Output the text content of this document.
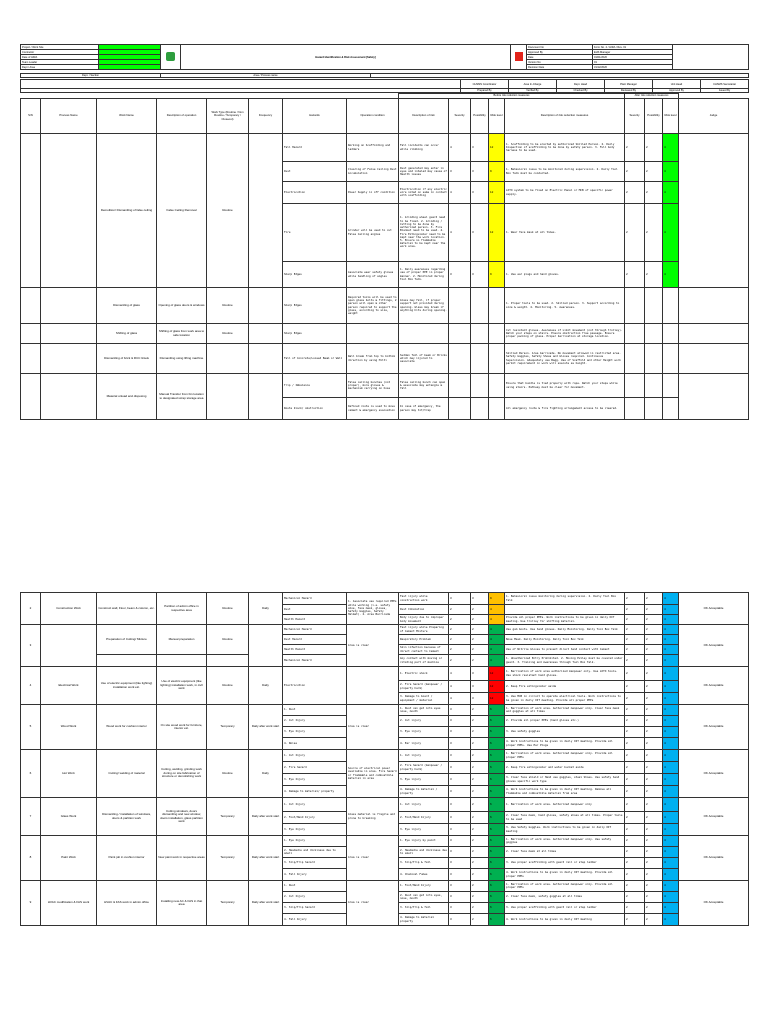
Project / Work Site			Hazard Identification & Risk Assessment [Safety]		Document No	Form No. 4 / HIRA / Rev. 01	
Contractor					Approved By	EHS Manager	
Date of HIRA					Date	01/01/2020	
Team Leader					Version No	01	
Dept / Area					Revision Date	31/12/2020	
Dept. / Section	Area / Process name	
	CHSMS Coordinator	Area In-Charge	Dept. Head	Plant Manager	Unit Head	CHSMS Secretariat
	Prepared By	Verified By	Checked By	Reviewed By	Approved By	Issued By
								Before risk reduction measures					After risk reduction measures			
S/N	Process Name	Work Name	Description of operation	Work Type (Routine / Non Routine / Temporary / Closeout)	Frequency	Hazards	Operation condition	Description of risk	Severity	Possibility	Risk level	Description of risk reduction measures	Severity	Possibility	Risk level	Judge
		Demolition/ Dismantling of false ceiling	False Ceiling Removal	Routine		Fall Hazard	Working on Scaffolding and ladders	Fall incidents can occur while climbing	4	3	12	1. Scaffolding to be erected by authorized Skilled Person. 2. Daily Inspection of scaffolding to be done by safety person. 3. Full body harness to be used.	2	2	4	
						Dust	Clearing of False Ceiling Dust Accumulation	Dust generated may enter in eyes and inhaled may cause of Health issues	3	3	9	1. Behavioral issue to be monitored during supervision. 2. Daily Tool Box Talk must be conducted.	2	2	4	
						Electrocution	Power Supply in off condition	Electrocution if any electric wire noted on same in contact with scaffolding	4	3	12	LOTO system to be fixed on Electric Panel or MCB of specific power supply.	2	2	4	
						Fire	Grinder will be used to cut False Ceiling angles	1. Grinding wheel guard need to be fixed. 2. Grinding / Cutting to be done by authorized person. 3. Fire Blanket need to be used. 4. Fire Extinguisher need to be kept near the work location. 5. Ensure no flammable material to be kept near the work area.	4	3	12	1. Wear face mask at all times.	2	2	4	
						Sharp Edges	Associate wear safety gloves while handling of angles	1. Daily awareness regarding use of proper PPE in proper manner. 2. Monitored during Tool Box Talk.	3	3	9	1. Use ear plugs and hand gloves.	2	2	4	
		Dismantling of glass	Opening of glass doors & windows	Routine		Sharp Edges	Required tools will be used to open glass bolts & fittings, 2 person will open & other person required to support the glass, according to size, weight	Glass may fall, if proper support not provided during opening. Glass may break if anything hits during opening.				1. Proper tools to be used. 2. Skilled person. 3. Support according to size & weight. 4. Monitoring. 5. Awareness.				
		Shifting of glass	Shifting of glass from work area to safe location	Routine		Sharp Edges						Cut resistant gloves. Awareness of Limit movement (not through trolley). Watch your steps on stairs. Ensure obstruction free passage. Ensure proper packing of glass. Proper barrication at storage location.				
		Dismantling of brick & RCC lintels	Dismantling using lifting machine			Fall of Concrete/Loosed Beam or Wall	Wall break from top to bottom direction by using Hilti	Sudden fall of beam or Bricks which may injured to associate				Skilled Person. Area barricade. No movement allowed in restricted area. Safety Goggles, Safety Shoes and Gloves required. Continuous Supervision. Adequately use Bagg. Use of Scaffold and other Height work permit requirement in work will execute as height.				
		Material unload and disposing	Manual Transfer from bin location to designated scrap storage area			Trip / Imbalance	False ceiling bunches (not proper), more gloves & mechanism carrying on hose	False ceiling bunch can open & associate may entangle & fall				Ensure that bundle is tied properly with rope. Watch your steps while using stairs. Pathway must be clear for movement.				
						Route block/ obstruction	Defined route is used to move cement & emergency evacuation	In case of emergency, the person may hit/trap				All emergency route & fire fighting arrangement access to be cleared.				
2	Construction Work	Construct wall, Floor, beam & column, etc.	Partition of admin office in respective area	Routine	Daily	Mechanical Hazard	1. Associate use required PPEs while working (i.e. safety shoe, face mask, gloves, Safety Goggles, Safety Helmet). 2. Area Barricade	Fast injury while construction work	3	3	9	1. Behavioral issue monitoring during supervision. 2. Daily Tool Box Talk	2	2	4	OK Acceptable
						Dust		Dust Inhalation	2	2	4		2	2	4	
						Health Hazard		Body injury due to improper body movement	2	2	4	Provide all proper PPEs. Work instructions to be given in daily OIT meeting. Use trolley for shifting material.	2	2	4	
3		Preparation of Cutting/ Mixture	Manual preparation	Routine		Mechanical Hazard	Area is clear	Fast injury while Preparing of Cement Mixture	2	2	4	Use gum boots. Use hand gloves. Daily Monitoring. Daily Tool Box Talk	2	2	4	OK Acceptable
						Dust Hazard		Respiratory Problem	2	2	4	Nose Mask. Daily Monitoring. Daily Tool Box Talk	2	2	4	
						Health Hazard		Skin infection because of direct contact to Cement	2	2	4	Use of Nitrile Gloves to prevent direct hand contact with Cement	2	2	4	
						Mechanical Hazard		Any contact with moving or rotating part of machine	2	2	4	1. Unauthorized Entry Prohibited. 2. Moving Pulley must be covered under guard. 3. Training and Awareness through Tool Box Talk.	2	2	4	
4	Electrical Work	Use of electric equipment (like lighting) installation work etc.	Use of electric equipment (like lighting) installation work, in civil work	Routine	Daily	Electrocution		1. Electric shock	4	3	12	1. Barrication of work area authorized manpower only. Use LOTO tools. Use shock resistant hand gloves.	2	2	4	OK Acceptable
								2. Fire hazard (manpower / property harm)	4	3	12	2. Keep Fire extinguisher aside	2	2	4	
								3. Damage to board / equipment / material	4	3	12	3. Use MCB in circuit to operate electrical tools. Work instructions to be given in daily OIT meeting. Provide all proper PPEs	2	2	4	
5	Wood Work	Wood work for cushion interior	On site wood work for furniture, interior etc.	Temporary	Daily after work start	1. Dust	Area is clear	1. Dust can get into eyes nose, mouth	3	2	6	1. Barrication of work area. Authorized manpower only. Clear face mask and goggles at all times	2	2	4	OK Acceptable
						2. Cut Injury		2. Cut injury	3	2	6	2. Provide all proper PPEs (hand gloves etc.)	2	2	4	
						3. Eye Injury		3. Eye injury	3	2	6	3. Use safety goggles	2	2	4	
						4. Noise		4. Ear injury	3	2	6	4. Work instructions to be given in daily OIT meeting. Provide all proper PPEs. Use Ear Plugs	2	2	4	
6	Hot Work	Cutting/ welding of material	Cutting, welding, grinding work during on site fabrication of structure or demolishing work	Routine	Daily	1. Cut Injury	Source of electrical power available in area. Fire hazard or flammable and combustible material in area	1. Cut injury	3	2	6	1. Barrication of work area. Authorized manpower only. Provide all proper PPEs	2	2	4	OK Acceptable
						2. Fire hazard		2. Fire hazard (manpower / property harm)	3	2	6	2. Keep fire extinguisher and water bucket aside	2	2	4	
						3. Eye Injury		3. Eye injury	3	2	6	3. Clear face shield or Hand use goggles, steel Shoes. Use safety hand gloves specific work type	2	2	4	
						4. Damage to material/ property		4. Damage to material / property	3	2	6	4. Work instructions to be given in daily OIT meeting. Remove all flammable and combustible material from area	2	2	4	
7	Glass Work	Dismantling / installation of windows, doors & partition work	Cutting windows, doors dismantling and new window, doors installation, glass partition work	Temporary	Daily after work start	1. Cut Injury	Glass material is fragile and prone to breaking	1. Cut injury	3	2	6	1. Barrication of work area. Authorized manpower only	2	2	4	OK Acceptable
						2. Foot/Hand Injury		2. Foot/Hand Injury	3	2	6	2. Clear face mask, hand gloves, safety shoes at all times. Proper tools to be used	2	2	4	
						3. Eye Injury		3. Eye injury	3	2	6	3. Use Safety Goggles. Work instructions to be given in daily OIT meeting	2	2	4	
8	Paint Work	Paint job in cushion interior	New paint work in respective areas	Temporary	Daily after work start	1. Eye Injury	Area is clear	1. Eye injury by paint	3	2	6	1. Barrication of work area. Authorized manpower only. Use safety goggles	2	2	4	OK Acceptable
						2. Headache and dizziness due to smell		2. Headache and dizziness due to smell	3	2	6	2. Clear face mask at all times	2	2	4	
						3. Slip/Trip hazard		3. Slip/Trip & fall	3	2	6	3. Use proper scaffolding with guard rail or step ladder	2	2	4	
						4. Fall Injury		4. Chemical Fumes	3	2	6	4. Work instructions to be given in daily OIT meeting. Provide all proper PPEs	2	2	4	
9	HVAC modification & FAS work	HVAC & FAS work in admin office	Installing new AC & FAS in that area	Temporary	Daily after work start	1. Dust	Area is clear	1. Foot/Hand Injury	3	2	6	1. Barrication of work area. Authorized manpower only. Provide all proper PPEs	2	2	4	OK Acceptable
						2. Cut Injury		2. Dust can get into eyes, nose, mouth	3	2	6	2. Clear face mask, safety goggles at all times	2	2	4	
						3. Slip/Trip hazard		3. Slip/Trip & fall	3	2	6	3. Use proper scaffolding with guard rail or step ladder	2	2	4	
						4. Fall Injury		4. Damage to material property	3	2	6	4. Work instructions to be given in daily OIT meeting	2	2	4	
